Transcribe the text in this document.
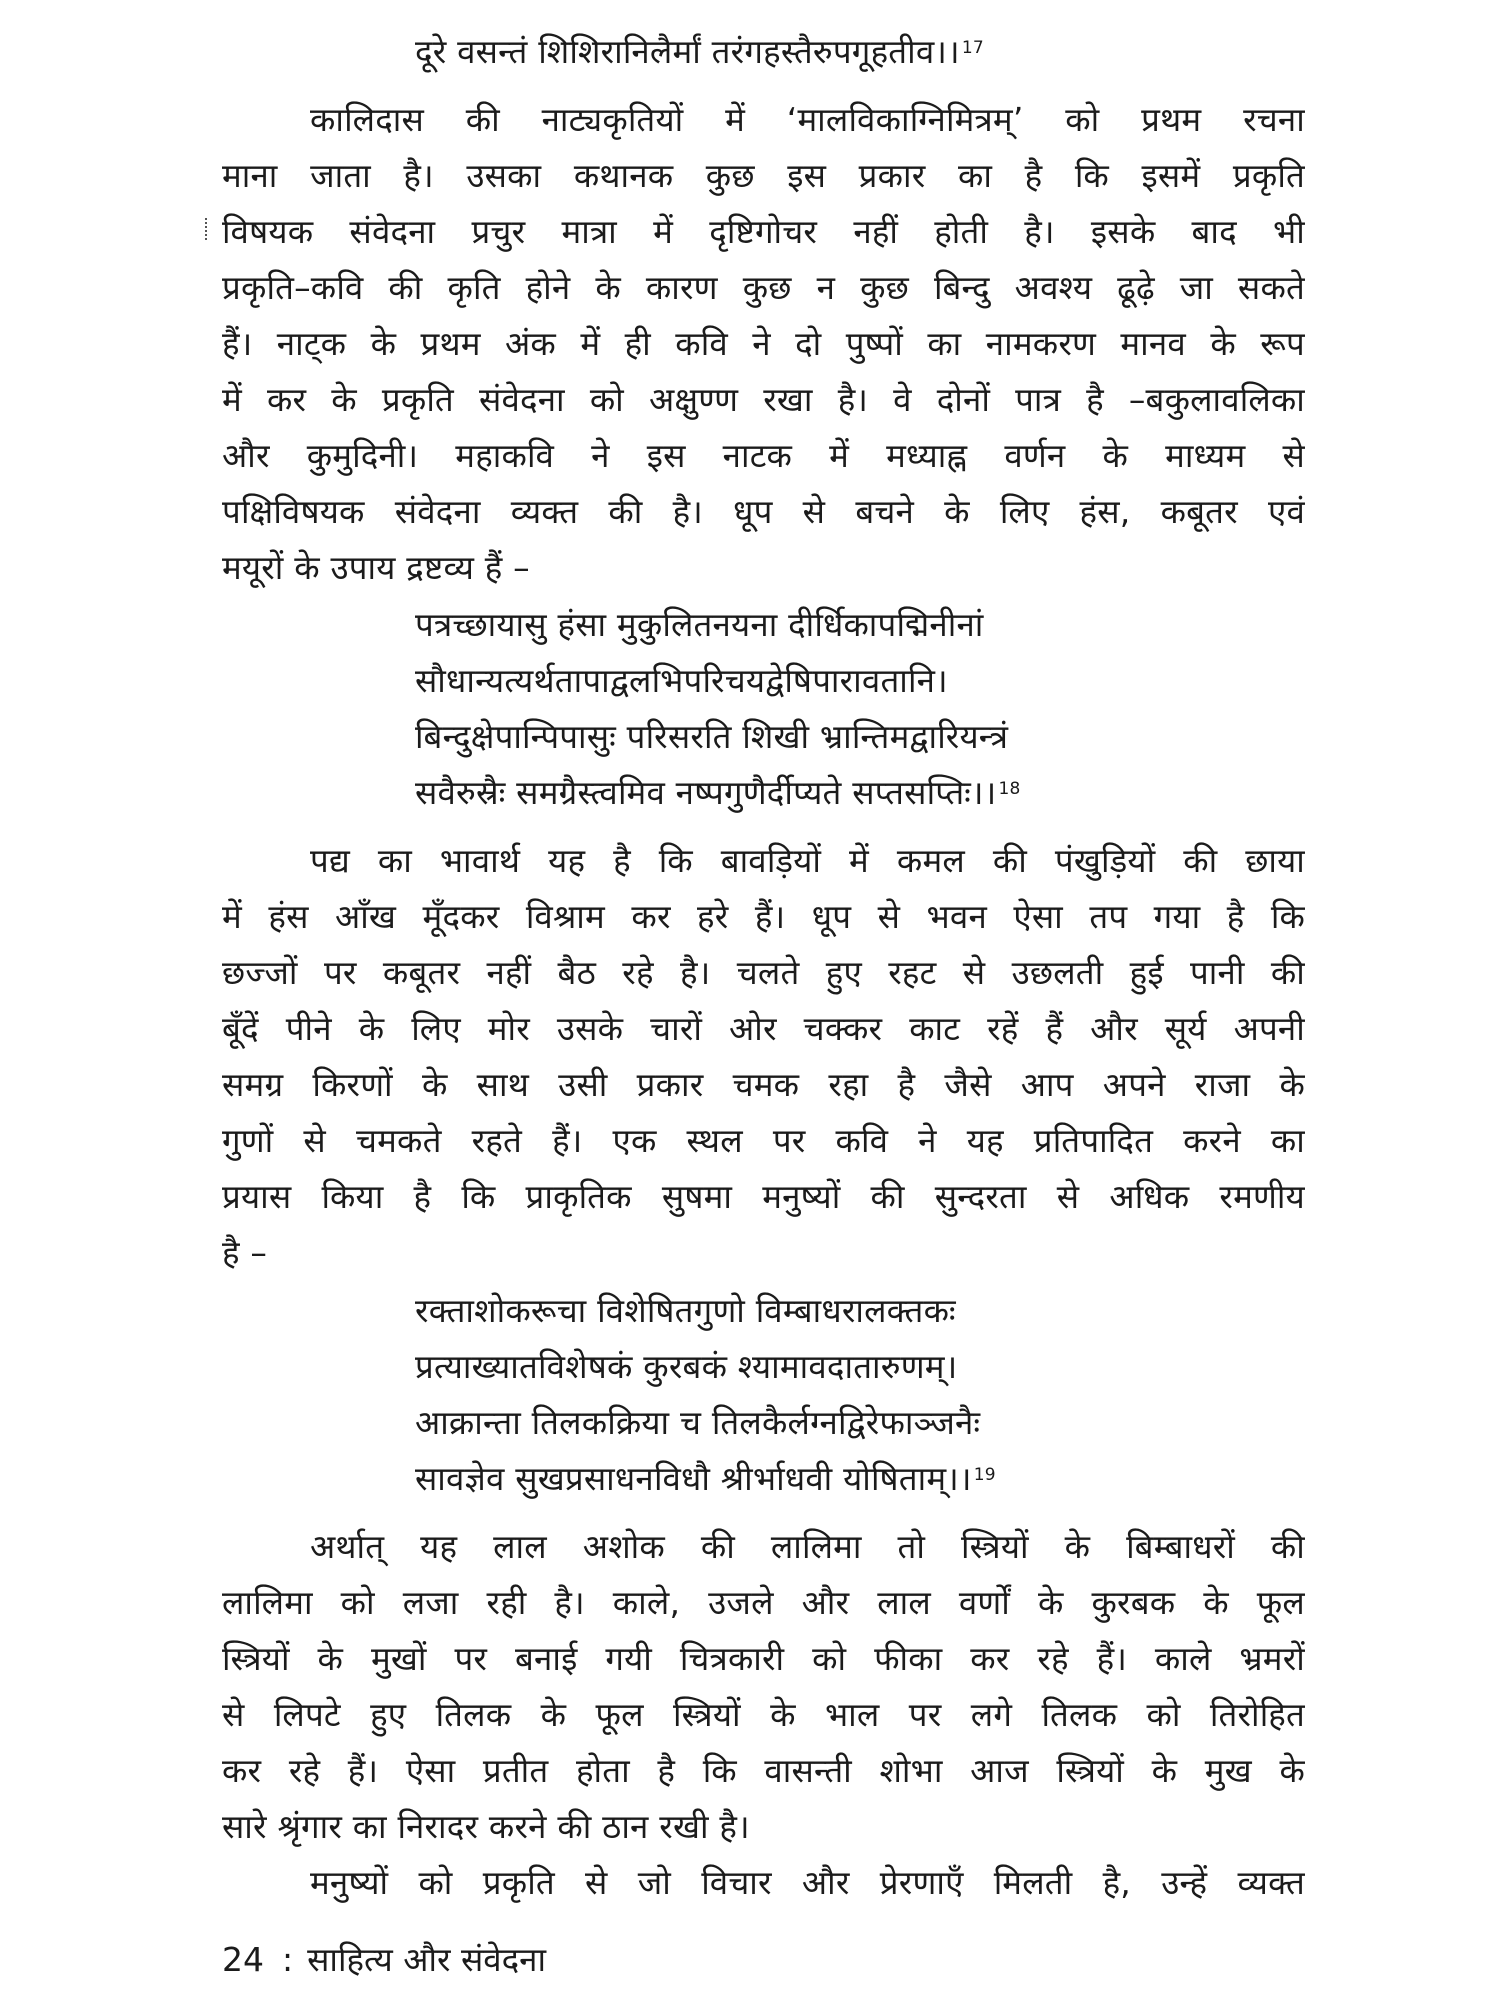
दूरे वसन्तं शिशिरानिलैर्मां तरंगहस्तैरुपगूहतीव।। $^{17}$
कालिदास की नाट्यकृतियों में ‘मालविकाग्निमित्रम्’ को प्रथम रचना
माना जाता है। उसका कथानक कुछ इस प्रकार का है कि इसमें प्रकृति
विषयक संवेदना प्रचुर मात्रा में दृष्टिगोचर नहीं होती है। इसके बाद भी
प्रकृति–कवि की कृति होने के कारण कुछ न कुछ बिन्दु अवश्य ढूढ़े जा सकते
हैं। नाट्क के प्रथम अंक में ही कवि ने दो पुष्पों का नामकरण मानव के रूप
में कर के प्रकृति संवेदना को अक्षुण्ण रखा है। वे दोनों पात्र है –बकुलावलिका
और कुमुदिनी। महाकवि ने इस नाटक में मध्याह्न वर्णन के माध्यम से
पक्षिविषयक संवेदना व्यक्त की है। धूप से बचने के लिए हंस, कबूतर एवं
मयूरों के उपाय द्रष्टव्य हैं –
पत्रच्छायासु हंसा मुकुलितनयना दीर्धिकापद्मिनीनां
सौधान्यत्यर्थतापाद्वलभिपरिचयद्वेषिपारावतानि।
बिन्दुक्षेपान्पिपासुः परिसरति शिखी भ्रान्तिमद्वारियन्त्रं
सवैरुस्रैः समग्रैस्त्वमिव नष्पगुणैर्दीप्यते सप्तसप्तिः।। $^{18}$
पद्य का भावार्थ यह है कि बावड़ियों में कमल की पंखुड़ियों की छाया
में हंस आँख मूँदकर विश्राम कर हरे हैं। धूप से भवन ऐसा तप गया है कि
छज्जों पर कबूतर नहीं बैठ रहे है। चलते हुए रहट से उछलती हुई पानी की
बूँदें पीने के लिए मोर उसके चारों ओर चक्कर काट रहें हैं और सूर्य अपनी
समग्र किरणों के साथ उसी प्रकार चमक रहा है जैसे आप अपने राजा के
गुणों से चमकते रहते हैं। एक स्थल पर कवि ने यह प्रतिपादित करने का
प्रयास किया है कि प्राकृतिक सुषमा मनुष्यों की सुन्दरता से अधिक रमणीय
है –
रक्ताशोकरूचा विशेषितगुणो विम्बाधरालक्तकः
प्रत्याख्यातविशेषकं कुरबकं श्यामावदातारुणम्।
आक्रान्ता तिलकक्रिया च तिलकैर्लग्नद्विरेफाञ्जनैः
सावज्ञेव सुखप्रसाधनविधौ श्रीर्भाधवी योषिताम्।। $^{19}$
अर्थात् यह लाल अशोक की लालिमा तो स्त्रियों के बिम्बाधरों की
लालिमा को लजा रही है। काले, उजले और लाल वर्णों के कुरबक के फूल
स्त्रियों के मुखों पर बनाई गयी चित्रकारी को फीका कर रहे हैं। काले भ्रमरों
से लिपटे हुए तिलक के फूल स्त्रियों के भाल पर लगे तिलक को तिरोहित
कर रहे हैं। ऐसा प्रतीत होता है कि वासन्ती शोभा आज स्त्रियों के मुख के
सारे श्रृंगार का निरादर करने की ठान रखी है।
मनुष्यों को प्रकृति से जो विचार और प्रेरणाएँ मिलती है, उन्हें व्यक्त
24 : साहित्य और संवेदना
